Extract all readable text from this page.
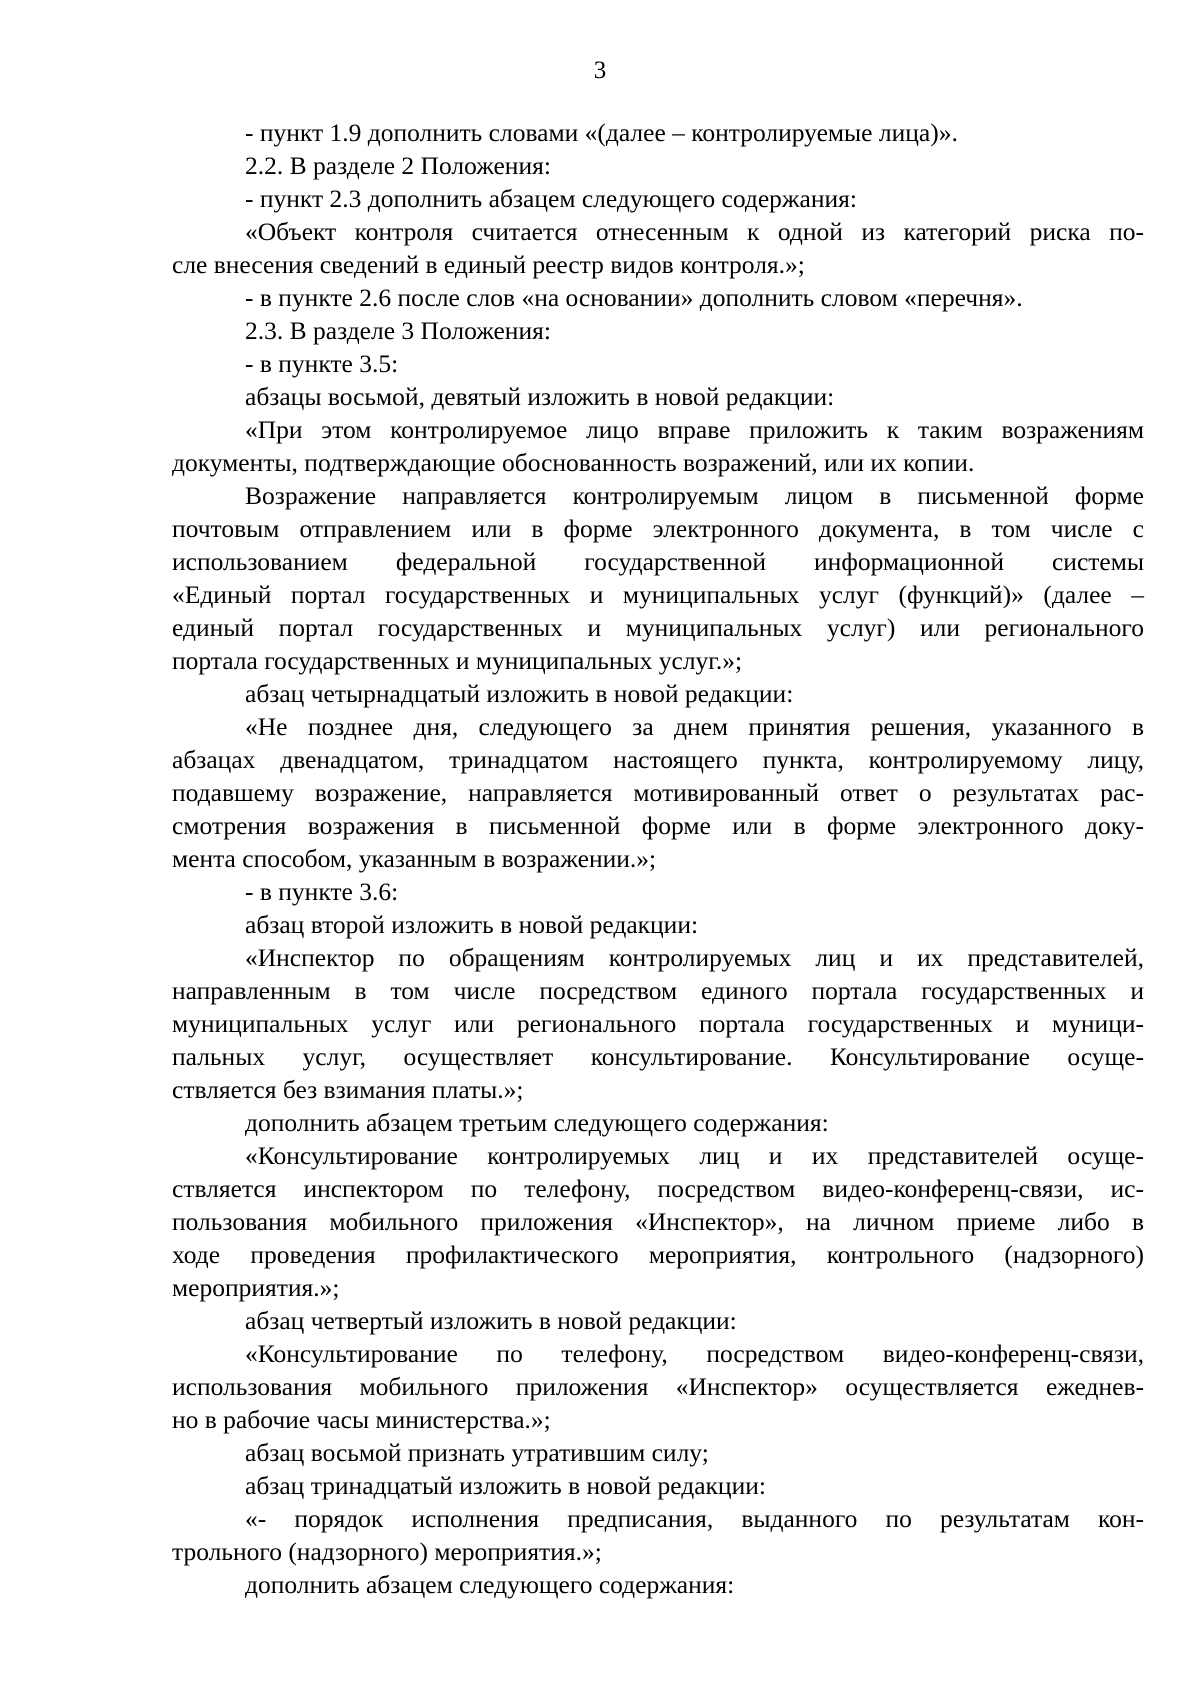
3
- пункт 1.9 дополнить словами «(далее – контролируемые лица)».
2.2. В разделе 2 Положения:
- пункт 2.3 дополнить абзацем следующего содержания:
«Объект контроля считается отнесенным к одной из категорий риска по-
сле внесения сведений в единый реестр видов контроля.»;
- в пункте 2.6 после слов «на основании» дополнить словом «перечня».
2.3. В разделе 3 Положения:
- в пункте 3.5:
абзацы восьмой, девятый изложить в новой редакции:
«При этом контролируемое лицо вправе приложить к таким возражениям
документы, подтверждающие обоснованность возражений, или их копии.
Возражение направляется контролируемым лицом в письменной форме
почтовым отправлением или в форме электронного документа, в том числе с
использованием федеральной государственной информационной системы
«Единый портал государственных и муниципальных услуг (функций)» (далее –
единый портал государственных и муниципальных услуг) или регионального
портала государственных и муниципальных услуг.»;
абзац четырнадцатый изложить в новой редакции:
«Не позднее дня, следующего за днем принятия решения, указанного в
абзацах двенадцатом, тринадцатом настоящего пункта, контролируемому лицу,
подавшему возражение, направляется мотивированный ответ о результатах рас-
смотрения возражения в письменной форме или в форме электронного доку-
мента способом, указанным в возражении.»;
- в пункте 3.6:
абзац второй изложить в новой редакции:
«Инспектор по обращениям контролируемых лиц и их представителей,
направленным в том числе посредством единого портала государственных и
муниципальных услуг или регионального портала государственных и муници-
пальных услуг, осуществляет консультирование. Консультирование осуще-
ствляется без взимания платы.»;
дополнить абзацем третьим следующего содержания:
«Консультирование контролируемых лиц и их представителей осуще-
ствляется инспектором по телефону, посредством видео-конференц-связи, ис-
пользования мобильного приложения «Инспектор», на личном приеме либо в
ходе проведения профилактического мероприятия, контрольного (надзорного)
мероприятия.»;
абзац четвертый изложить в новой редакции:
«Консультирование по телефону, посредством видео-конференц-связи,
использования мобильного приложения «Инспектор» осуществляется ежеднев-
но в рабочие часы министерства.»;
абзац восьмой признать утратившим силу;
абзац тринадцатый изложить в новой редакции:
«- порядок исполнения предписания, выданного по результатам кон-
трольного (надзорного) мероприятия.»;
дополнить абзацем следующего содержания:
